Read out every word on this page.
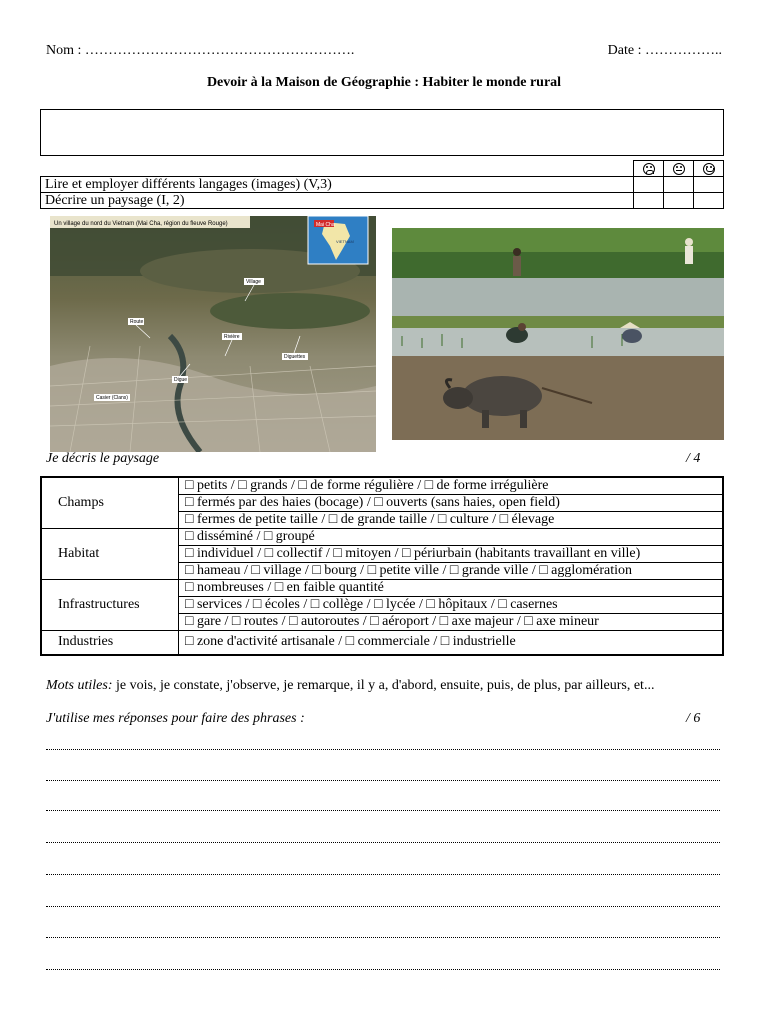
Nom : ………………………………………………….	Date : ……………..
Devoir à la Maison de Géographie : Habiter le monde rural

Lire et employer différents langages (images) (V,3)			
Décrire un paysage (I, 2)			
Un village du nord du Vietnam (Mai Cha, région du fleuve Rouge)	Mai Cha
VIETNAM
Village
Route
Rivière
Diguettes
Digue
Casier (Clans)
Je décris le paysage	/ 4
Champs	□ petits / □ grands / □ de forme régulière / □ de forme irrégulière
	□ fermés par des haies (bocage) / □ ouverts (sans haies, open field)
	□ fermes de petite taille / □ de grande taille / □ culture / □ élevage
Habitat	□ disséminé / □ groupé
	□ individuel / □ collectif / □ mitoyen / □ périurbain (habitants travaillant en ville)
	□ hameau / □ village / □ bourg / □ petite ville / □ grande ville / □ agglomération
Infrastructures	□ nombreuses / □ en faible quantité
	□ services / □ écoles / □ collège / □ lycée / □ hôpitaux / □ casernes
	□ gare / □ routes / □ autoroutes / □ aéroport / □ axe majeur / □ axe mineur
Industries	□ zone d'activité artisanale / □ commerciale / □ industrielle
Mots utiles: je vois, je constate, j'observe, je remarque, il y a, d'abord, ensuite, puis, de plus, par ailleurs, et...
J'utilise mes réponses pour faire des phrases :	/ 6
